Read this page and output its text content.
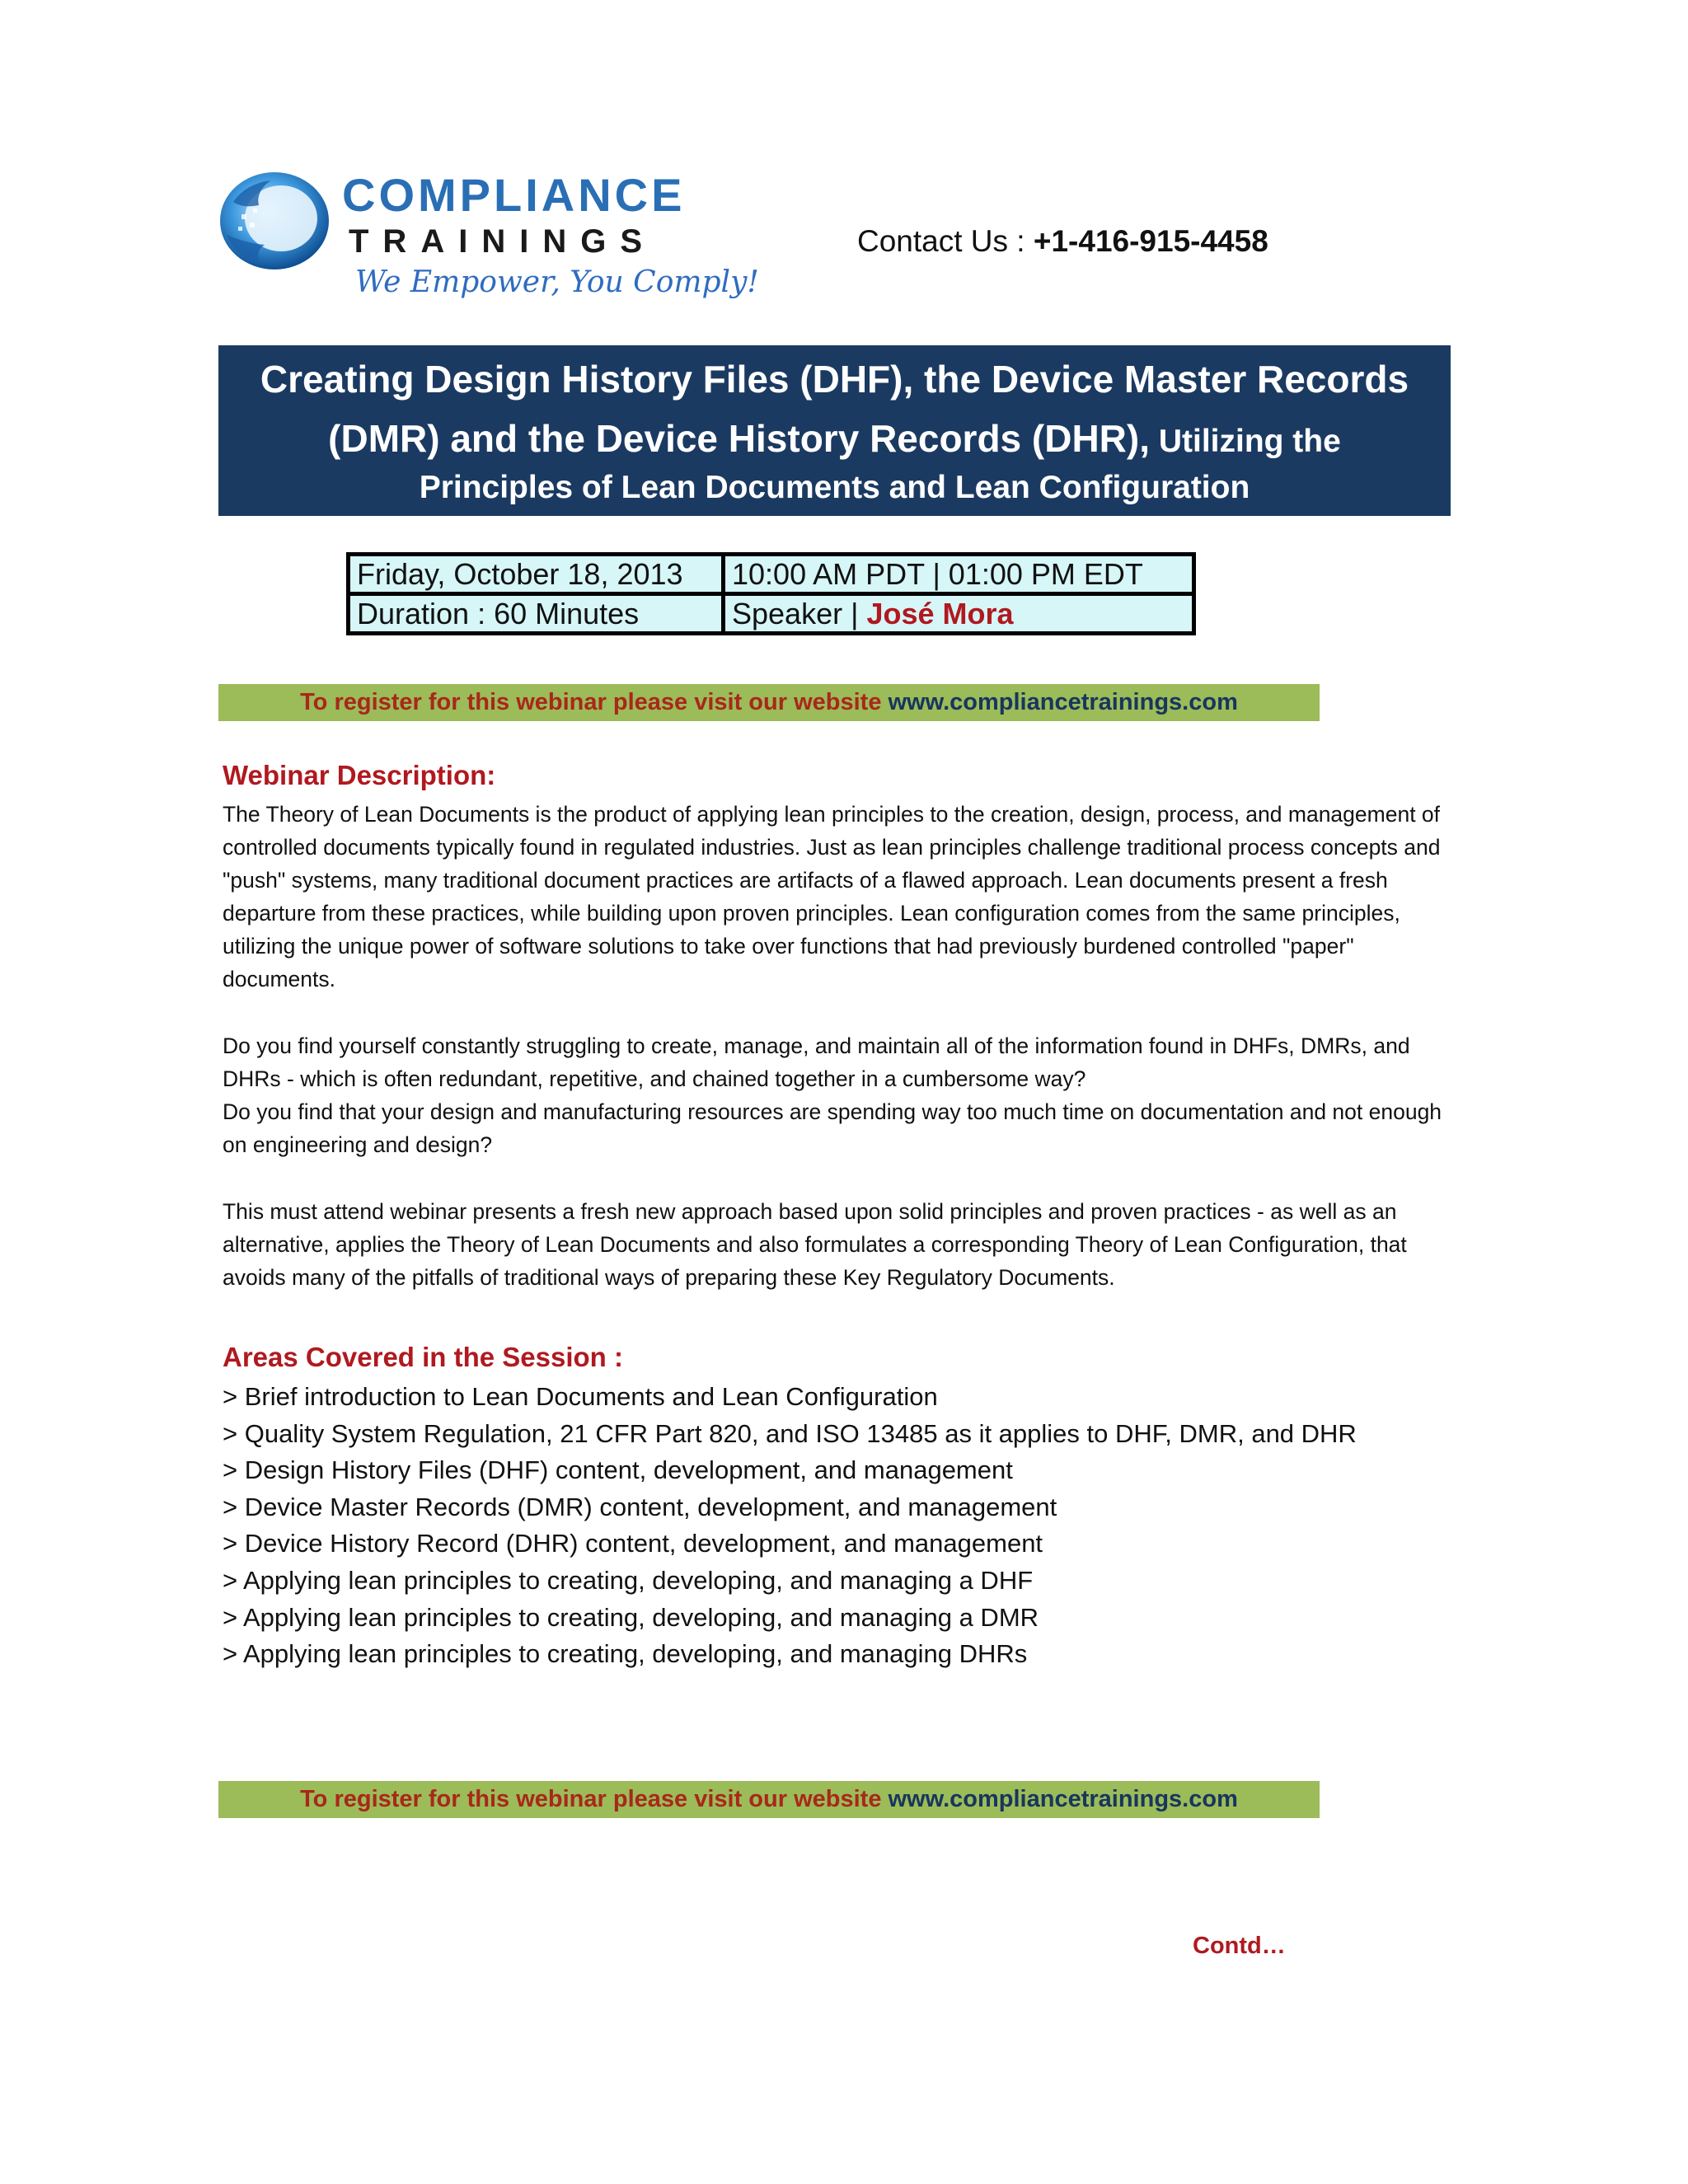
COMPLIANCE
TRAININGS
We Empower, You Comply!
Contact Us : +1-416-915-4458
Creating Design History Files (DHF), the Device Master Records
(DMR) and the Device History Records (DHR), Utilizing the
Principles of Lean Documents and Lean Configuration
Friday, October 18, 2013	10:00 AM PDT | 01:00 PM EDT
Duration : 60 Minutes	Speaker | José Mora
To register for this webinar please visit our website www.compliancetrainings.com
Webinar Description:

The Theory of Lean Documents is the product of applying lean principles to the creation, design, process, and management of controlled documents typically found in regulated industries. Just as lean principles challenge traditional process concepts and "push" systems, many traditional document practices are artifacts of a flawed approach. Lean documents present a fresh departure from these practices, while building upon proven principles. Lean configuration comes from the same principles, utilizing the unique power of software solutions to take over functions that had previously burdened controlled "paper" documents.

Do you find yourself constantly struggling to create, manage, and maintain all of the information found in DHFs, DMRs, and DHRs - which is often redundant, repetitive, and chained together in a cumbersome way?

Do you find that your design and manufacturing resources are spending way too much time on documentation and not enough on engineering and design?

This must attend webinar presents a fresh new approach based upon solid principles and proven practices - as well as an alternative, applies the Theory of Lean Documents and also formulates a corresponding Theory of Lean Configuration, that avoids many of the pitfalls of traditional ways of preparing these Key Regulatory Documents.

Areas Covered in the Session :
> Brief introduction to Lean Documents and Lean Configuration
> Quality System Regulation, 21 CFR Part 820, and ISO 13485 as it applies to DHF, DMR, and DHR
> Design History Files (DHF) content, development, and management
> Device Master Records (DMR) content, development, and management
> Device History Record (DHR) content, development, and management
> Applying lean principles to creating, developing, and managing a DHF
> Applying lean principles to creating, developing, and managing a DMR
> Applying lean principles to creating, developing, and managing DHRs
To register for this webinar please visit our website www.compliancetrainings.com
Contd…
